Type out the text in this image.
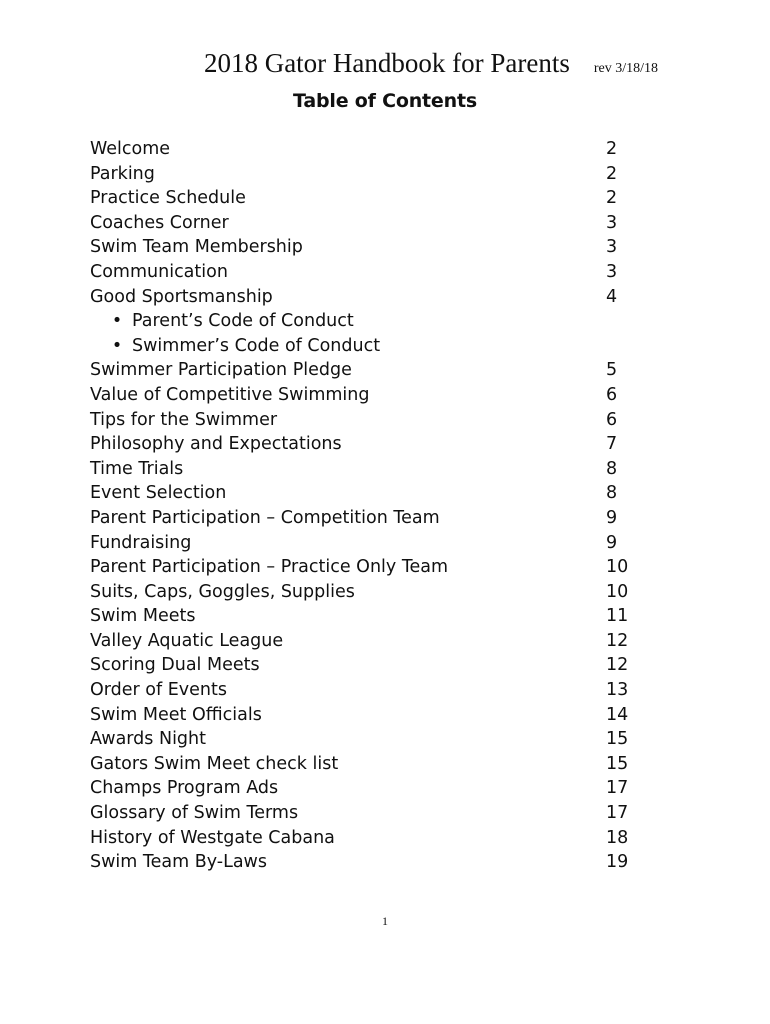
2018 Gator Handbook for Parents rev 3/18/18
Table of Contents
Welcome	2
Parking	2
Practice Schedule	2
Coaches Corner	3
Swim Team Membership	3
Communication	3
Good Sportsmanship	4
• Parent’s Code of Conduct
• Swimmer’s Code of Conduct
Swimmer Participation Pledge	5
Value of Competitive Swimming	6
Tips for the Swimmer	6
Philosophy and Expectations	7
Time Trials	8
Event Selection	8
Parent Participation – Competition Team	9
Fundraising	9
Parent Participation – Practice Only Team	10
Suits, Caps, Goggles, Supplies	10
Swim Meets	11
Valley Aquatic League	12
Scoring Dual Meets	12
Order of Events	13
Swim Meet Officials	14
Awards Night	15
Gators Swim Meet check list	15
Champs Program Ads	17
Glossary of Swim Terms	17
History of Westgate Cabana	18
Swim Team By-Laws	19
1
